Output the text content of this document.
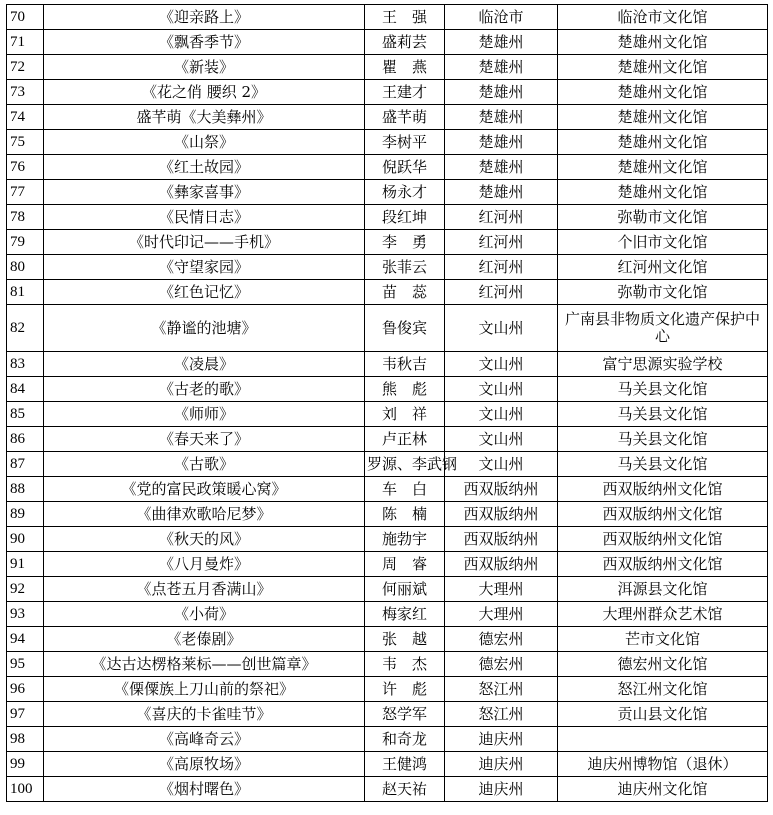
70	《迎亲路上》	王　强	临沧市	临沧市文化馆
71	《飘香季节》	盛莉芸	楚雄州	楚雄州文化馆
72	《新装》	瞿　燕	楚雄州	楚雄州文化馆
73	《花之俏 腰织 2》	王建才	楚雄州	楚雄州文化馆
74	盛芊萌《大美彝州》	盛芊萌	楚雄州	楚雄州文化馆
75	《山祭》	李树平	楚雄州	楚雄州文化馆
76	《红土故园》	倪跃华	楚雄州	楚雄州文化馆
77	《彝家喜事》	杨永才	楚雄州	楚雄州文化馆
78	《民情日志》	段红坤	红河州	弥勒市文化馆
79	《时代印记——手机》	李　勇	红河州	个旧市文化馆
80	《守望家园》	张菲云	红河州	红河州文化馆
81	《红色记忆》	苗　蕊	红河州	弥勒市文化馆
82	《静谧的池塘》	鲁俊宾	文山州	广南县非物质文化遗产保护中心
83	《凌晨》	韦秋吉	文山州	富宁思源实验学校
84	《古老的歌》	熊　彪	文山州	马关县文化馆
85	《师师》	刘　祥	文山州	马关县文化馆
86	《春天来了》	卢正林	文山州	马关县文化馆
87	《古歌》	罗源、李武钢	文山州	马关县文化馆
88	《党的富民政策暖心窝》	车　白	西双版纳州	西双版纳州文化馆
89	《曲律欢歌哈尼梦》	陈　楠	西双版纳州	西双版纳州文化馆
90	《秋天的风》	施勃宇	西双版纳州	西双版纳州文化馆
91	《八月曼炸》	周　睿	西双版纳州	西双版纳州文化馆
92	《点苍五月香满山》	何丽斌	大理州	洱源县文化馆
93	《小荷》	梅家红	大理州	大理州群众艺术馆
94	《老傣剧》	张　越	德宏州	芒市文化馆
95	《达古达楞格莱标——创世篇章》	韦　杰	德宏州	德宏州文化馆
96	《傈僳族上刀山前的祭祀》	许　彪	怒江州	怒江州文化馆
97	《喜庆的卡雀哇节》	怒学军	怒江州	贡山县文化馆
98	《高峰奇云》	和奇龙	迪庆州	
99	《高原牧场》	王健鸿	迪庆州	迪庆州博物馆（退休）
100	《烟村曙色》	赵天祐	迪庆州	迪庆州文化馆
